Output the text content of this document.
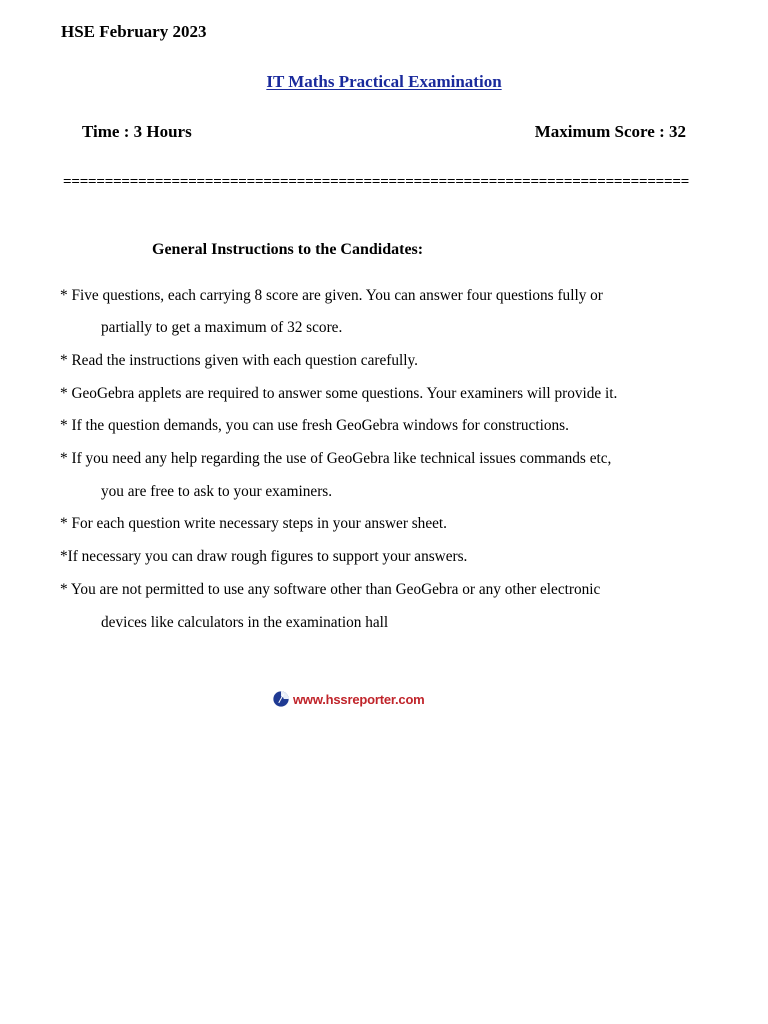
HSE February 2023
IT Maths Practical Examination
Time : 3 Hours	Maximum Score : 32
===========================================================================
General Instructions to the Candidates:
* Five questions, each carrying 8 score are given. You can answer four questions fully or
partially to get a maximum of 32 score.
* Read the instructions given with each question carefully.
* GeoGebra applets are required to answer some questions. Your examiners will provide it.
* If the question demands, you can use fresh GeoGebra windows for constructions.
* If you need any help regarding the use of GeoGebra like technical issues commands etc,
you are free to ask to your examiners.
* For each question write necessary steps in your answer sheet.
*If necessary you can draw rough figures to support your answers.
* You are not permitted to use any software other than GeoGebra or any other electronic
devices like calculators in the examination hall
www.hssreporter.com
